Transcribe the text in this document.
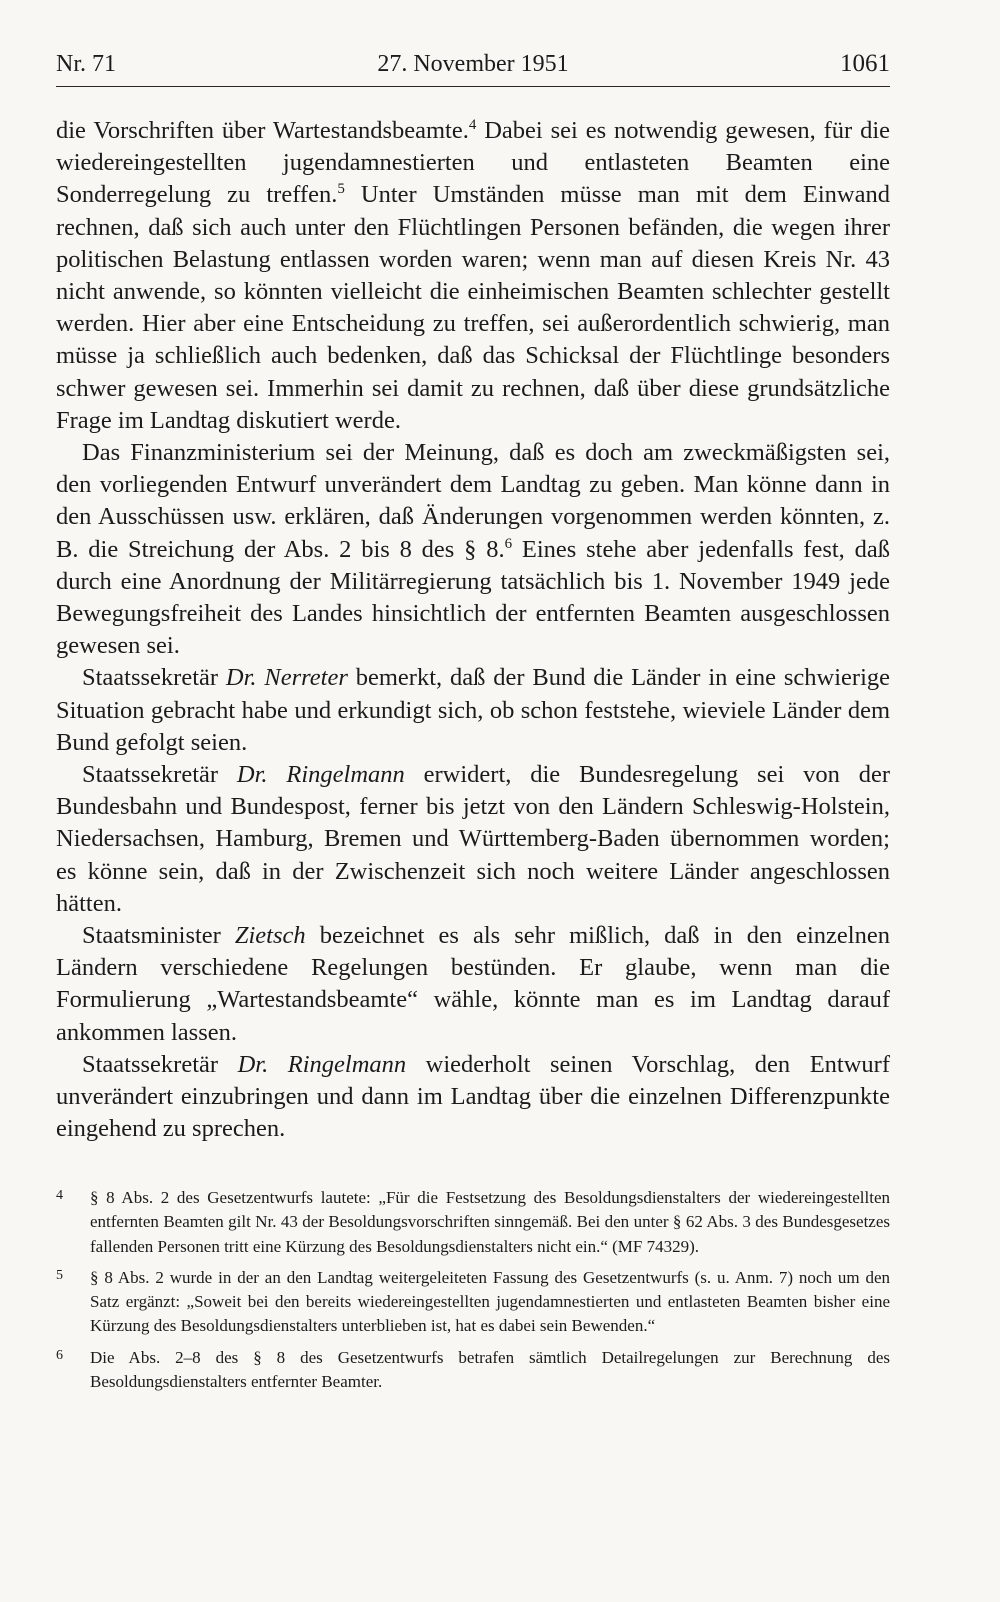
Nr. 71	27. November 1951	1061

die Vorschriften über Wartestandsbeamte.$^4$ Dabei sei es notwendig gewesen, für die wiedereingestellten jugendamnestierten und entlasteten Beamten eine Sonderregelung zu treffen.$^5$ Unter Umständen müsse man mit dem Einwand rechnen, daß sich auch unter den Flüchtlingen Personen befänden, die wegen ihrer politischen Belastung entlassen worden waren; wenn man auf diesen Kreis Nr. 43 nicht anwende, so könnten vielleicht die einheimischen Beamten schlechter gestellt werden. Hier aber eine Entscheidung zu treffen, sei außerordentlich schwierig, man müsse ja schließlich auch bedenken, daß das Schicksal der Flüchtlinge besonders schwer gewesen sei. Immerhin sei damit zu rechnen, daß über diese grundsätzliche Frage im Landtag diskutiert werde.

Das Finanzministerium sei der Meinung, daß es doch am zweckmäßigsten sei, den vorliegenden Entwurf unverändert dem Landtag zu geben. Man könne dann in den Ausschüssen usw. erklären, daß Änderungen vorgenommen werden könnten, z. B. die Streichung der Abs. 2 bis 8 des § 8.$^6$ Eines stehe aber jedenfalls fest, daß durch eine Anordnung der Militärregierung tatsächlich bis 1. November 1949 jede Bewegungsfreiheit des Landes hinsichtlich der entfernten Beamten ausgeschlossen gewesen sei.

Staatssekretär Dr. Nerreter bemerkt, daß der Bund die Länder in eine schwierige Situation gebracht habe und erkundigt sich, ob schon feststehe, wieviele Länder dem Bund gefolgt seien.

Staatssekretär Dr. Ringelmann erwidert, die Bundesregelung sei von der Bundesbahn und Bundespost, ferner bis jetzt von den Ländern Schleswig-Holstein, Niedersachsen, Hamburg, Bremen und Württemberg-Baden übernommen worden; es könne sein, daß in der Zwischenzeit sich noch weitere Länder angeschlossen hätten.

Staatsminister Zietsch bezeichnet es als sehr mißlich, daß in den einzelnen Ländern verschiedene Regelungen bestünden. Er glaube, wenn man die Formulierung „Wartestandsbeamte“ wähle, könnte man es im Landtag darauf ankommen lassen.

Staatssekretär Dr. Ringelmann wiederholt seinen Vorschlag, den Entwurf unverändert einzubringen und dann im Landtag über die einzelnen Differenzpunkte eingehend zu sprechen.

4 § 8 Abs. 2 des Gesetzentwurfs lautete: „Für die Festsetzung des Besoldungsdienstalters der wiedereingestellten entfernten Beamten gilt Nr. 43 der Besoldungsvorschriften sinngemäß. Bei den unter § 62 Abs. 3 des Bundesgesetzes fallenden Personen tritt eine Kürzung des Besoldungsdienstalters nicht ein.“ (MF 74329).
5 § 8 Abs. 2 wurde in der an den Landtag weitergeleiteten Fassung des Gesetzentwurfs (s. u. Anm. 7) noch um den Satz ergänzt: „Soweit bei den bereits wiedereingestellten jugendamnestierten und entlasteten Beamten bisher eine Kürzung des Besoldungsdienstalters unterblieben ist, hat es dabei sein Bewenden.“
6 Die Abs. 2–8 des § 8 des Gesetzentwurfs betrafen sämtlich Detailregelungen zur Berechnung des Besoldungsdienstalters entfernter Beamter.
